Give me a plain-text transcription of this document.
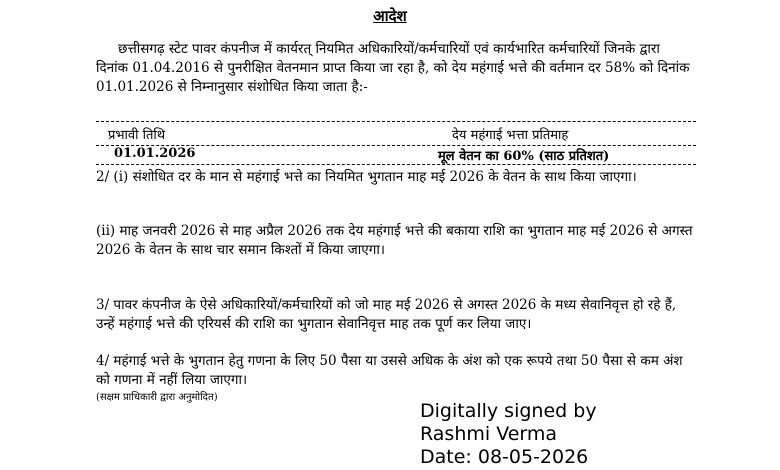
आदेश
छत्तीसगढ़ स्टेट पावर कंपनीज में कार्यरत् नियमित अधिकारियों/कर्मचारियों एवं कार्यभारित कर्मचारियों जिनके द्वारा दिनांक 01.04.2016 से पुनरीक्षित वेतनमान प्राप्त किया जा रहा है, को देय महंगाई भत्ते की वर्तमान दर 58% को दिनांक 01.01.2026 से निम्नानुसार संशोधित किया जाता है:-
प्रभावी तिथि	देय महंगाई भत्ता प्रतिमाह
01.01.2026	मूल वेतन का 60% (साठ प्रतिशत)
2/ (i) संशोधित दर के मान से महंगाई भत्ते का नियमित भुगतान माह मई 2026 के वेतन के साथ किया जाएगा।
(ii) माह जनवरी 2026 से माह अप्रैल 2026 तक देय महंगाई भत्ते की बकाया राशि का भुगतान माह मई 2026 से अगस्त 2026 के वेतन के साथ चार समान किश्तों में किया जाएगा।
3/ पावर कंपनीज के ऐसे अधिकारियों/कर्मचारियों को जो माह मई 2026 से अगस्त 2026 के मध्य सेवानिवृत्त हो रहे हैं, उन्हें महंगाई भत्ते की एरियर्स की राशि का भुगतान सेवानिवृत्त माह तक पूर्ण कर लिया जाए।
4/ महंगाई भत्ते के भुगतान हेतु गणना के लिए 50 पैसा या उससे अधिक के अंश को एक रूपये तथा 50 पैसा से कम अंश को गणना में नहीं लिया जाएगा।
(सक्षम प्राधिकारी द्वारा अनुमोदित)
Digitally signed by
Rashmi Verma
Date: 08-05-2026
